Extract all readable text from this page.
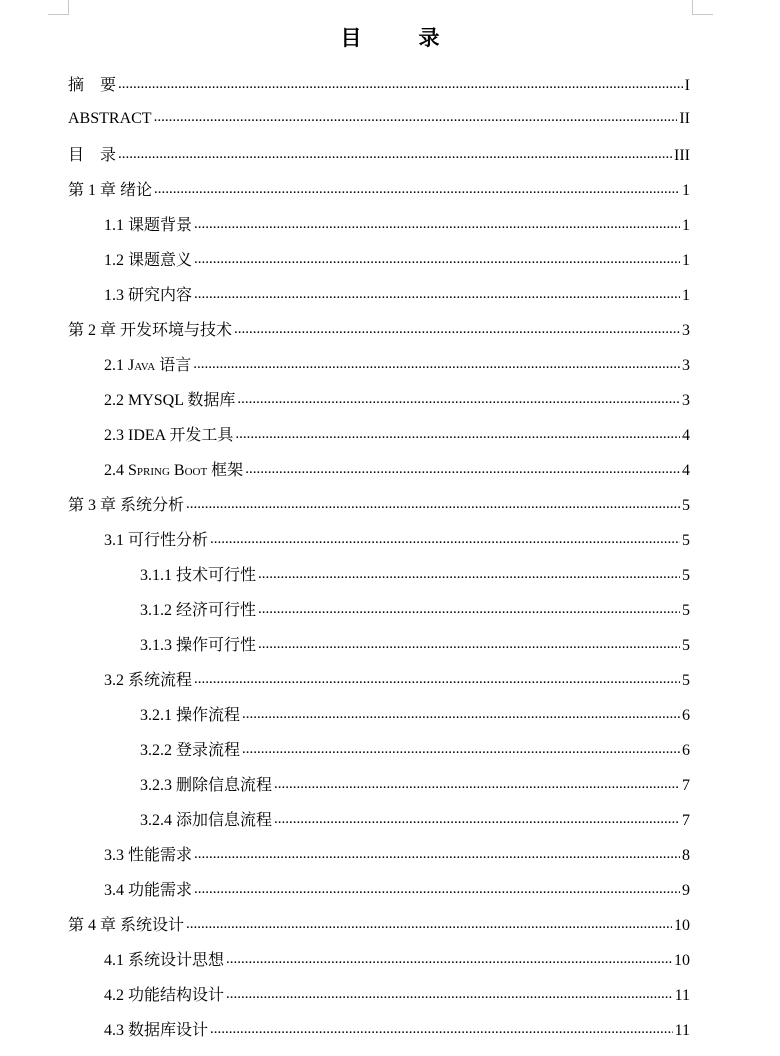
目　录
摘　要 .....	I
ABSTRACT .....	II
目　录 .....	III
第 1 章 绪论 .....	1
1.1 课题背景 .....	1
1.2 课题意义 .....	1
1.3 研究内容 .....	1
第 2 章 开发环境与技术 .....	3
2.1 Java 语言 .....	3
2.2 MYSQL 数据库 .....	3
2.3 IDEA 开发工具 .....	4
2.4 Spring Boot 框架 .....	4
第 3 章 系统分析 .....	5
3.1 可行性分析 .....	5
3.1.1 技术可行性 .....	5
3.1.2 经济可行性 .....	5
3.1.3 操作可行性 .....	5
3.2 系统流程 .....	5
3.2.1 操作流程 .....	6
3.2.2 登录流程 .....	6
3.2.3 删除信息流程 .....	7
3.2.4 添加信息流程 .....	7
3.3 性能需求 .....	8
3.4 功能需求 .....	9
第 4 章 系统设计 .....	10
4.1 系统设计思想 .....	10
4.2 功能结构设计 .....	11
4.3 数据库设计 .....	11
